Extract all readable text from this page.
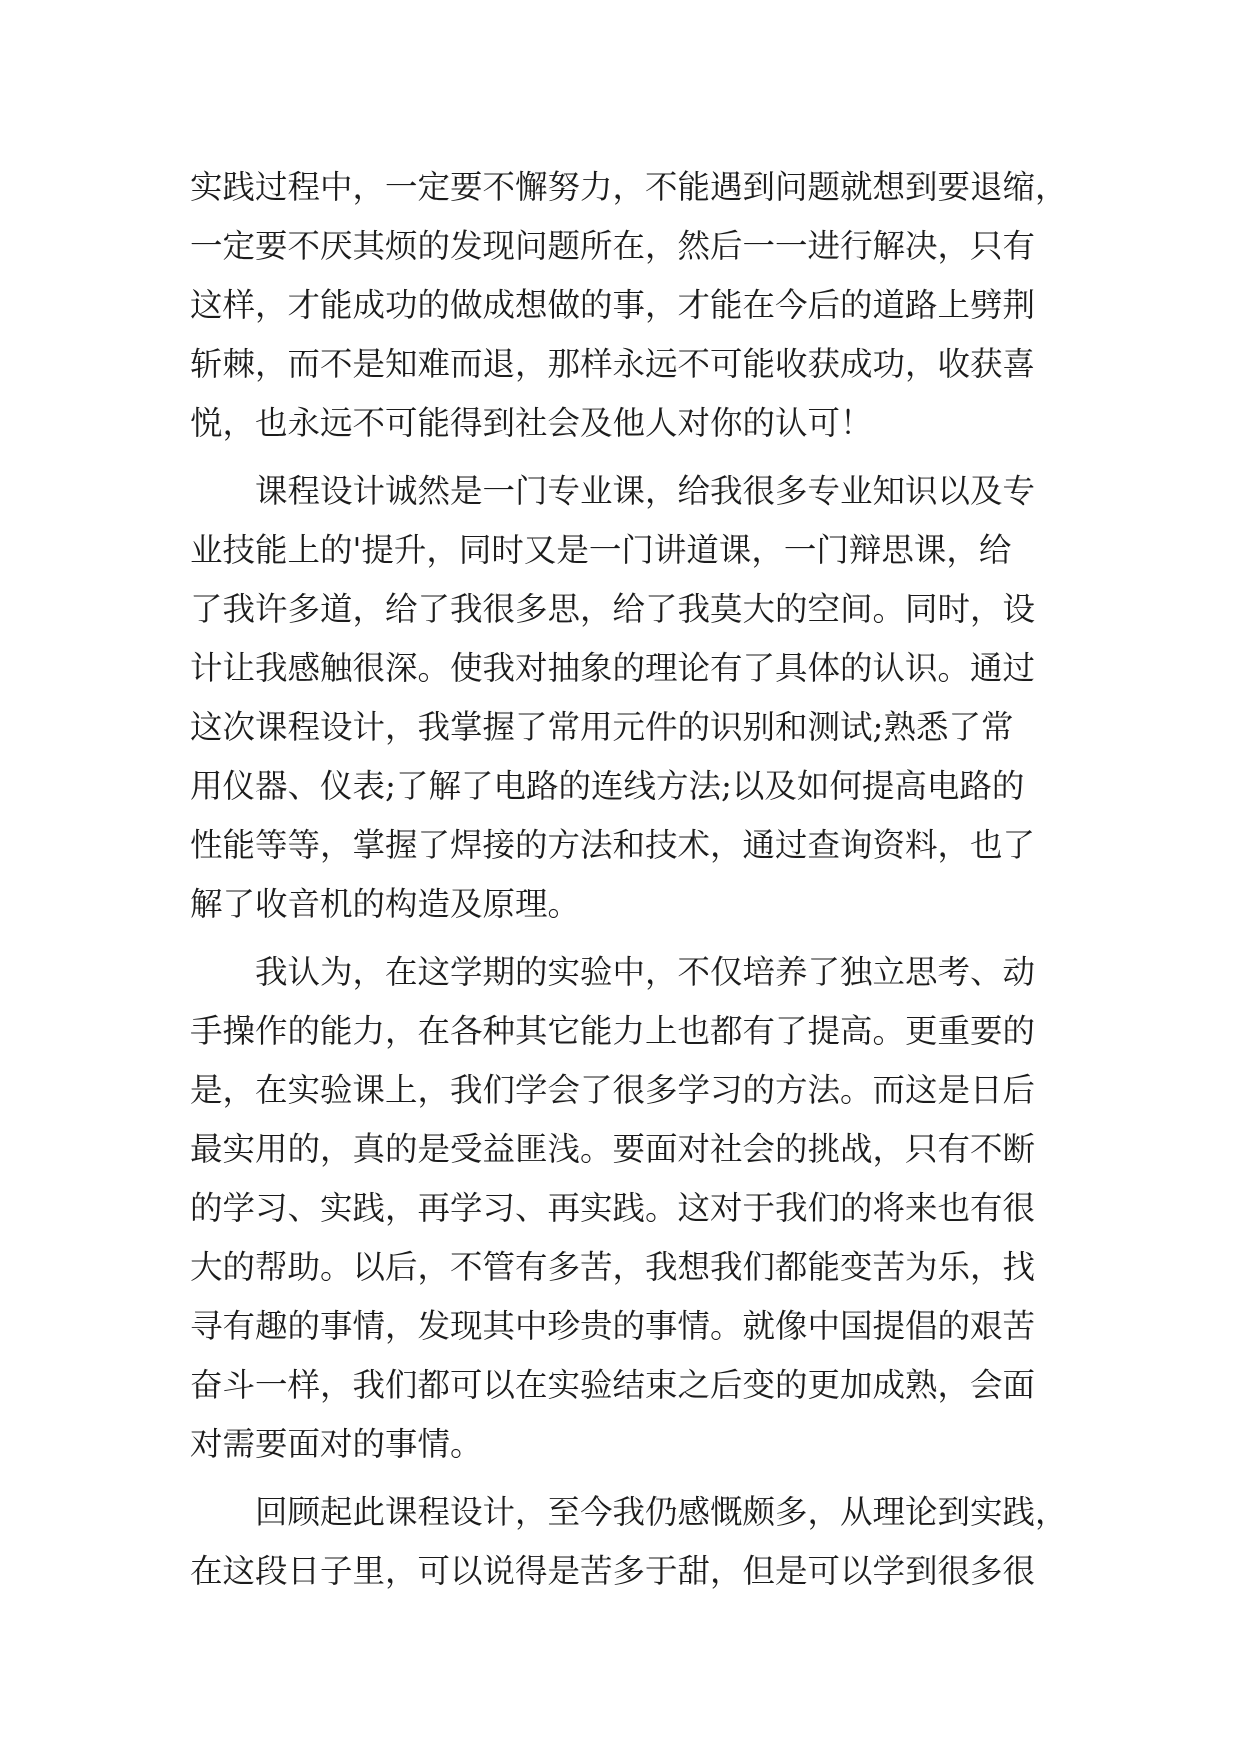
实践过程中，一定要不懈努力，不能遇到问题就想到要退缩，
一定要不厌其烦的发现问题所在，然后一一进行解决，只有
这样，才能成功的做成想做的事，才能在今后的道路上劈荆
斩棘，而不是知难而退，那样永远不可能收获成功，收获喜
悦，也永远不可能得到社会及他人对你的认可！
　　课程设计诚然是一门专业课，给我很多专业知识以及专
业技能上的'提升，同时又是一门讲道课，一门辩思课，给
了我许多道，给了我很多思，给了我莫大的空间。同时，设
计让我感触很深。使我对抽象的理论有了具体的认识。通过
这次课程设计，我掌握了常用元件的识别和测试;熟悉了常
用仪器、仪表;了解了电路的连线方法;以及如何提高电路的
性能等等，掌握了焊接的方法和技术，通过查询资料，也了
解了收音机的构造及原理。
　　我认为，在这学期的实验中，不仅培养了独立思考、动
手操作的能力，在各种其它能力上也都有了提高。更重要的
是，在实验课上，我们学会了很多学习的方法。而这是日后
最实用的，真的是受益匪浅。要面对社会的挑战，只有不断
的学习、实践，再学习、再实践。这对于我们的将来也有很
大的帮助。以后，不管有多苦，我想我们都能变苦为乐，找
寻有趣的事情，发现其中珍贵的事情。就像中国提倡的艰苦
奋斗一样，我们都可以在实验结束之后变的更加成熟，会面
对需要面对的事情。
　　回顾起此课程设计，至今我仍感慨颇多，从理论到实践，
在这段日子里，可以说得是苦多于甜，但是可以学到很多很
